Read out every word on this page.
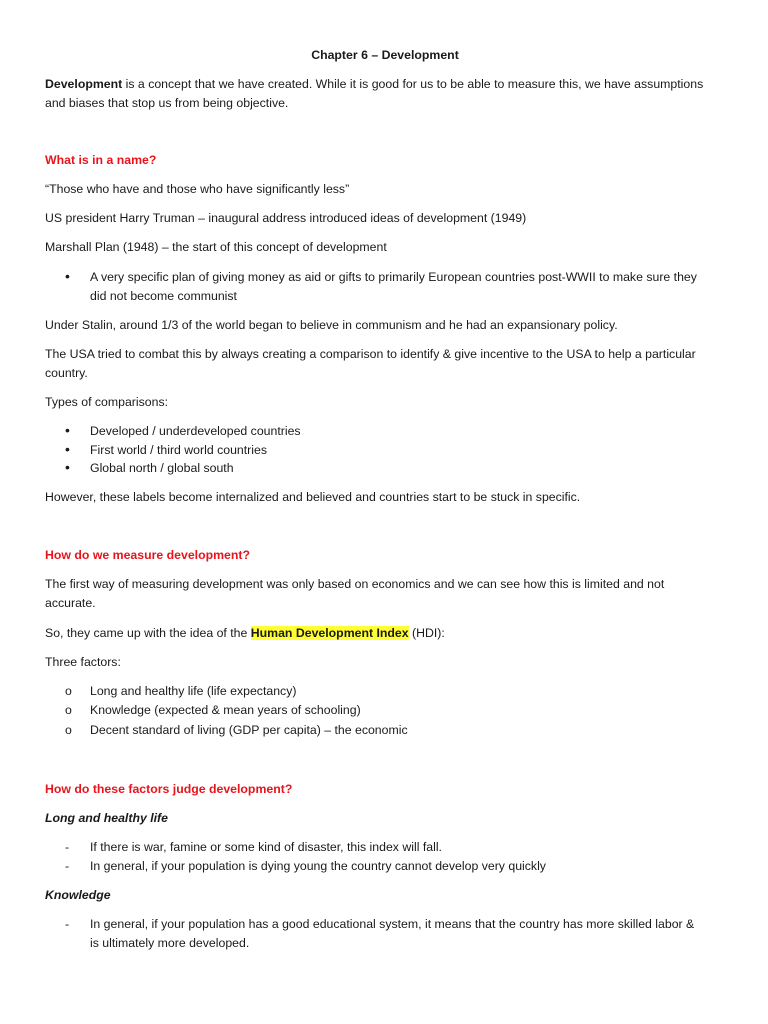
Chapter 6 – Development
Development is a concept that we have created. While it is good for us to be able to measure this, we have assumptions
and biases that stop us from being objective.
What is in a name?
“Those who have and those who have significantly less”
US president Harry Truman – inaugural address introduced ideas of development (1949)
Marshall Plan (1948) – the start of this concept of development
• A very specific plan of giving money as aid or gifts to primarily European countries post-WWII to make sure they
did not become communist
Under Stalin, around 1/3 of the world began to believe in communism and he had an expansionary policy.
The USA tried to combat this by always creating a comparison to identify & give incentive to the USA to help a particular
country.
Types of comparisons:
• Developed / underdeveloped countries
• First world / third world countries
• Global north / global south
However, these labels become internalized and believed and countries start to be stuck in specific.
How do we measure development?
The first way of measuring development was only based on economics and we can see how this is limited and not
accurate.
So, they came up with the idea of the Human Development Index (HDI):
Three factors:
o Long and healthy life (life expectancy)
o Knowledge (expected & mean years of schooling)
o Decent standard of living (GDP per capita) – the economic
How do these factors judge development?
Long and healthy life
- If there is war, famine or some kind of disaster, this index will fall.
- In general, if your population is dying young the country cannot develop very quickly
Knowledge
- In general, if your population has a good educational system, it means that the country has more skilled labor &
is ultimately more developed.
